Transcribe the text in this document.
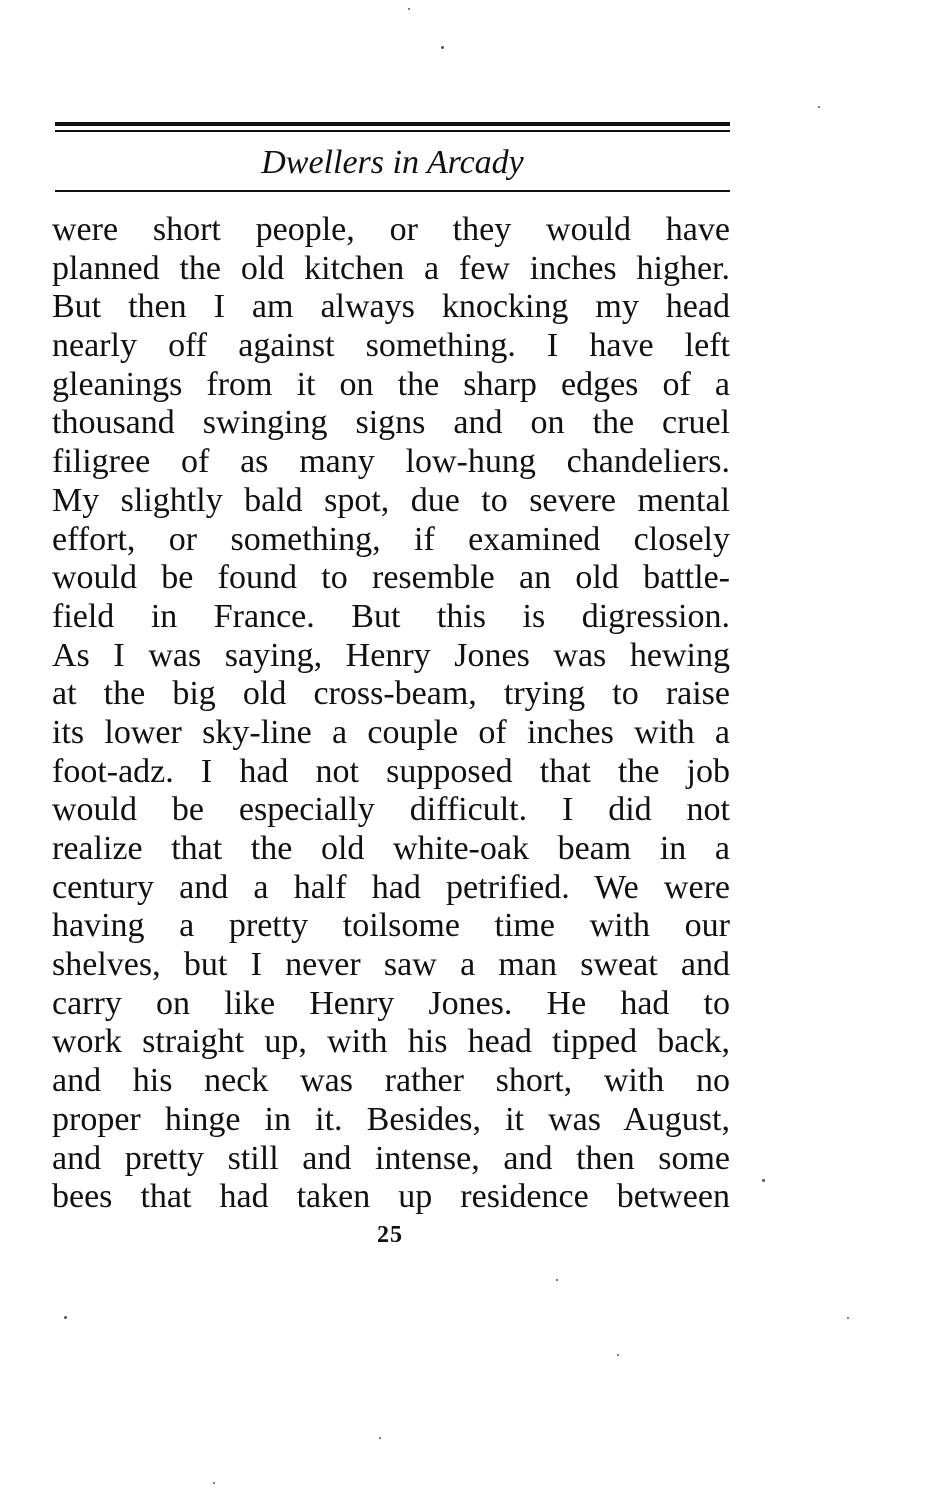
Dwellers in Arcady
were short people, or they would have
planned the old kitchen a few inches higher.
But then I am always knocking my head
nearly off against something. I have left
gleanings from it on the sharp edges of a
thousand swinging signs and on the cruel
filigree of as many low-hung chandeliers.
My slightly bald spot, due to severe mental
effort, or something, if examined closely
would be found to resemble an old battle-
field in France. But this is digression.
As I was saying, Henry Jones was hewing
at the big old cross-beam, trying to raise
its lower sky-line a couple of inches with a
foot-adz. I had not supposed that the job
would be especially difficult. I did not
realize that the old white-oak beam in a
century and a half had petrified. We were
having a pretty toilsome time with our
shelves, but I never saw a man sweat and
carry on like Henry Jones. He had to
work straight up, with his head tipped back,
and his neck was rather short, with no
proper hinge in it. Besides, it was August,
and pretty still and intense, and then some
bees that had taken up residence between
25
